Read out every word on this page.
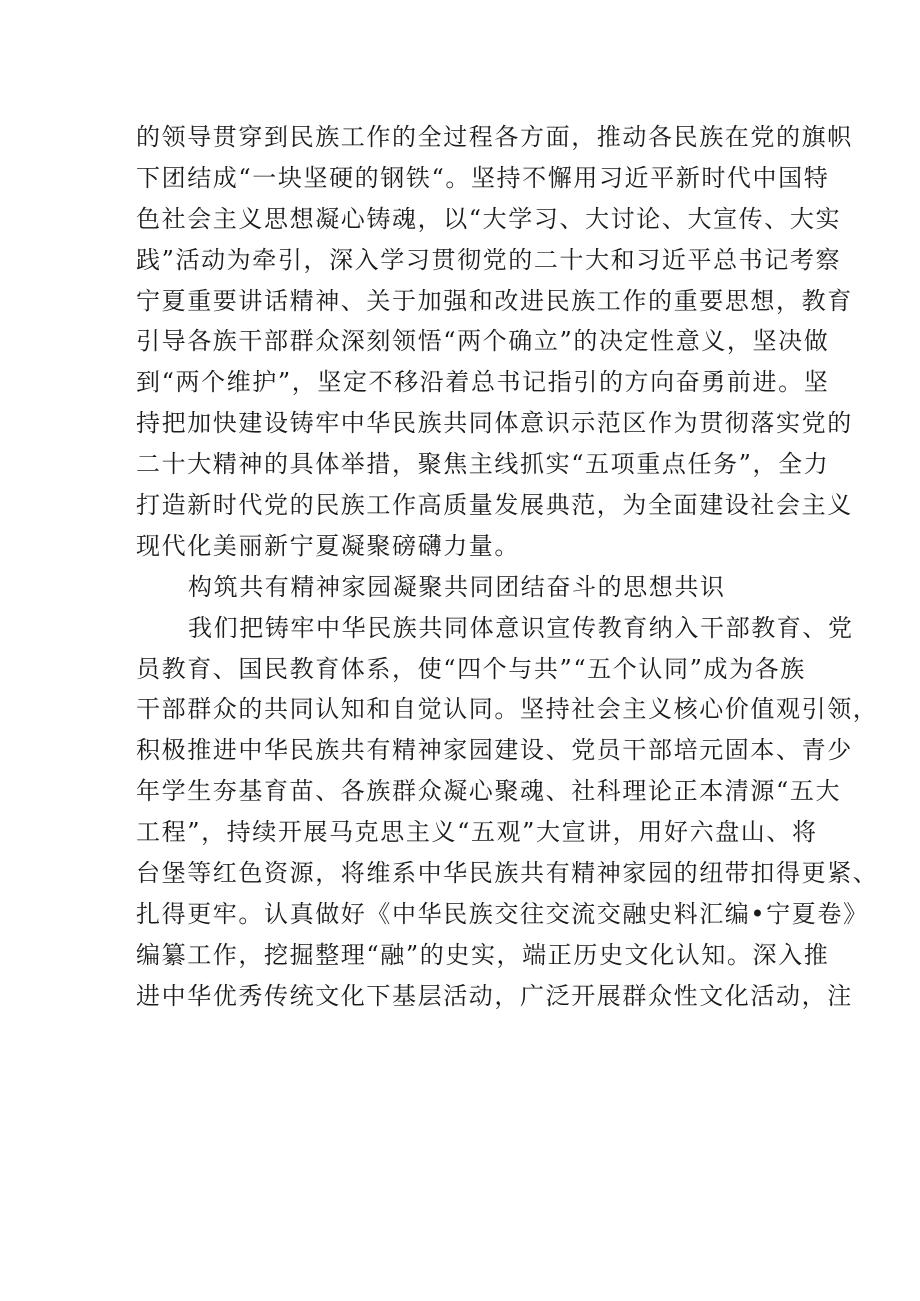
的领导贯穿到民族工作的全过程各方面，推动各民族在党的旗帜
下团结成“一块坚硬的钢铁“。坚持不懈用习近平新时代中国特
色社会主义思想凝心铸魂，以“大学习、大讨论、大宣传、大实
践”活动为牵引，深入学习贯彻党的二十大和习近平总书记考察
宁夏重要讲话精神、关于加强和改进民族工作的重要思想，教育
引导各族干部群众深刻领悟“两个确立”的决定性意义，坚决做
到“两个维护”，坚定不移沿着总书记指引的方向奋勇前进。坚
持把加快建设铸牢中华民族共同体意识示范区作为贯彻落实党的
二十大精神的具体举措，聚焦主线抓实“五项重点任务”，全力
打造新时代党的民族工作高质量发展典范，为全面建设社会主义
现代化美丽新宁夏凝聚磅礴力量。
构筑共有精神家园凝聚共同团结奋斗的思想共识
我们把铸牢中华民族共同体意识宣传教育纳入干部教育、党
员教育、国民教育体系，使“四个与共”“五个认同”成为各族
干部群众的共同认知和自觉认同。坚持社会主义核心价值观引领，
积极推进中华民族共有精神家园建设、党员干部培元固本、青少
年学生夯基育苗、各族群众凝心聚魂、社科理论正本清源“五大
工程”，持续开展马克思主义“五观”大宣讲，用好六盘山、将
台堡等红色资源，将维系中华民族共有精神家园的纽带扣得更紧、
扎得更牢。认真做好《中华民族交往交流交融史料汇编•宁夏卷》
编纂工作，挖掘整理“融”的史实，端正历史文化认知。深入推
进中华优秀传统文化下基层活动，广泛开展群众性文化活动，注
